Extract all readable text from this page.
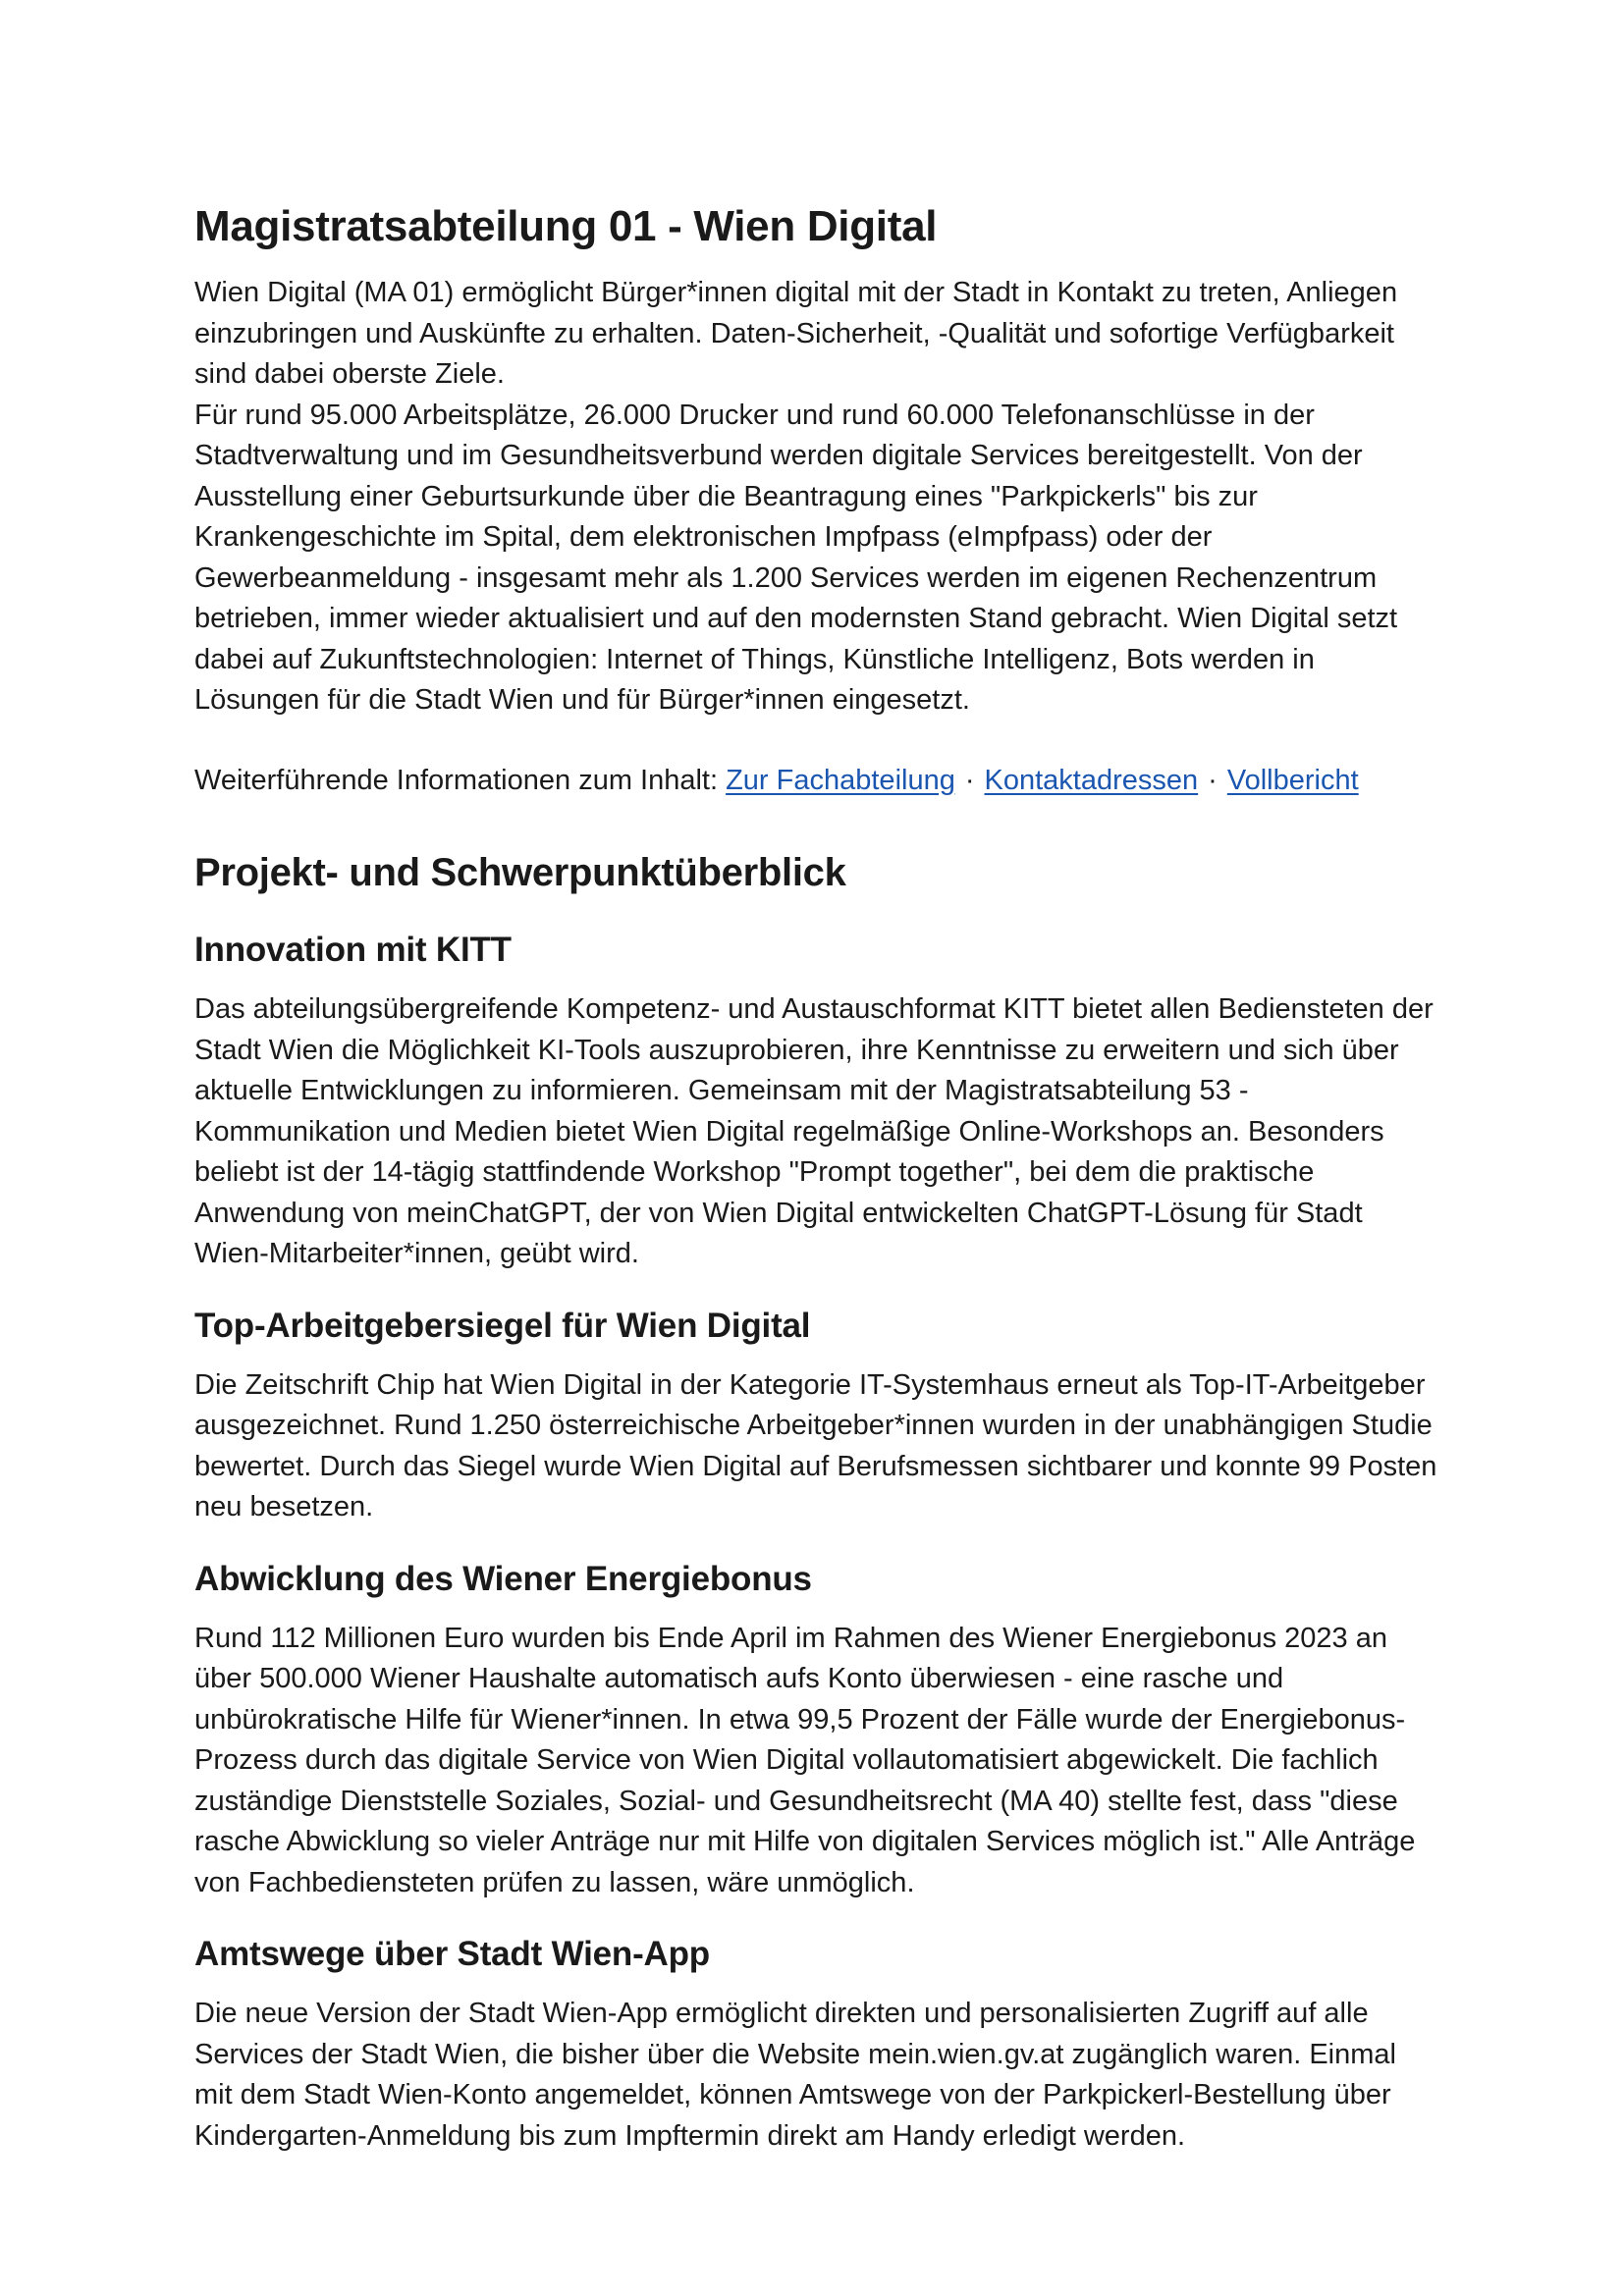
Magistratsabteilung 01 - Wien Digital

Wien Digital (MA 01) ermöglicht Bürger*innen digital mit der Stadt in Kontakt zu treten, Anliegen einzubringen und Auskünfte zu erhalten. Daten-Sicherheit, -Qualität und sofortige Verfügbarkeit sind dabei oberste Ziele.

Für rund 95.000 Arbeitsplätze, 26.000 Drucker und rund 60.000 Telefonanschlüsse in der Stadtverwaltung und im Gesundheitsverbund werden digitale Services bereitgestellt. Von der Ausstellung einer Geburtsurkunde über die Beantragung eines "Parkpickerls" bis zur Krankengeschichte im Spital, dem elektronischen Impfpass (eImpfpass) oder der Gewerbeanmeldung - insgesamt mehr als 1.200 Services werden im eigenen Rechenzentrum betrieben, immer wieder aktualisiert und auf den modernsten Stand gebracht. Wien Digital setzt dabei auf Zukunftstechnologien: Internet of Things, Künstliche Intelligenz, Bots werden in Lösungen für die Stadt Wien und für Bürger*innen eingesetzt.

Weiterführende Informationen zum Inhalt: Zur Fachabteilung · Kontaktadressen · Vollbericht
Projekt- und Schwerpunktüberblick
Innovation mit KITT

Das abteilungsübergreifende Kompetenz- und Austauschformat KITT bietet allen Bediensteten der Stadt Wien die Möglichkeit KI-Tools auszuprobieren, ihre Kenntnisse zu erweitern und sich über aktuelle Entwicklungen zu informieren. Gemeinsam mit der Magistratsabteilung 53 - Kommunikation und Medien bietet Wien Digital regelmäßige Online-Workshops an. Besonders beliebt ist der 14-tägig stattfindende Workshop "Prompt together", bei dem die praktische Anwendung von meinChatGPT, der von Wien Digital entwickelten ChatGPT-Lösung für Stadt Wien-Mitarbeiter*innen, geübt wird.

Top-Arbeitgebersiegel für Wien Digital

Die Zeitschrift Chip hat Wien Digital in der Kategorie IT-Systemhaus erneut als Top-IT-Arbeitgeber ausgezeichnet. Rund 1.250 österreichische Arbeitgeber*innen wurden in der unabhängigen Studie bewertet. Durch das Siegel wurde Wien Digital auf Berufsmessen sichtbarer und konnte 99 Posten neu besetzen.

Abwicklung des Wiener Energiebonus

Rund 112 Millionen Euro wurden bis Ende April im Rahmen des Wiener Energiebonus 2023 an über 500.000 Wiener Haushalte automatisch aufs Konto überwiesen - eine rasche und unbürokratische Hilfe für Wiener*innen. In etwa 99,5 Prozent der Fälle wurde der Energiebonus-Prozess durch das digitale Service von Wien Digital vollautomatisiert abgewickelt. Die fachlich zuständige Dienststelle Soziales, Sozial- und Gesundheitsrecht (MA 40) stellte fest, dass "diese rasche Abwicklung so vieler Anträge nur mit Hilfe von digitalen Services möglich ist." Alle Anträge von Fachbediensteten prüfen zu lassen, wäre unmöglich.

Amtswege über Stadt Wien-App

Die neue Version der Stadt Wien-App ermöglicht direkten und personalisierten Zugriff auf alle Services der Stadt Wien, die bisher über die Website mein.wien.gv.at zugänglich waren. Einmal mit dem Stadt Wien-Konto angemeldet, können Amtswege von der Parkpickerl-Bestellung über Kindergarten-Anmeldung bis zum Impftermin direkt am Handy erledigt werden.
